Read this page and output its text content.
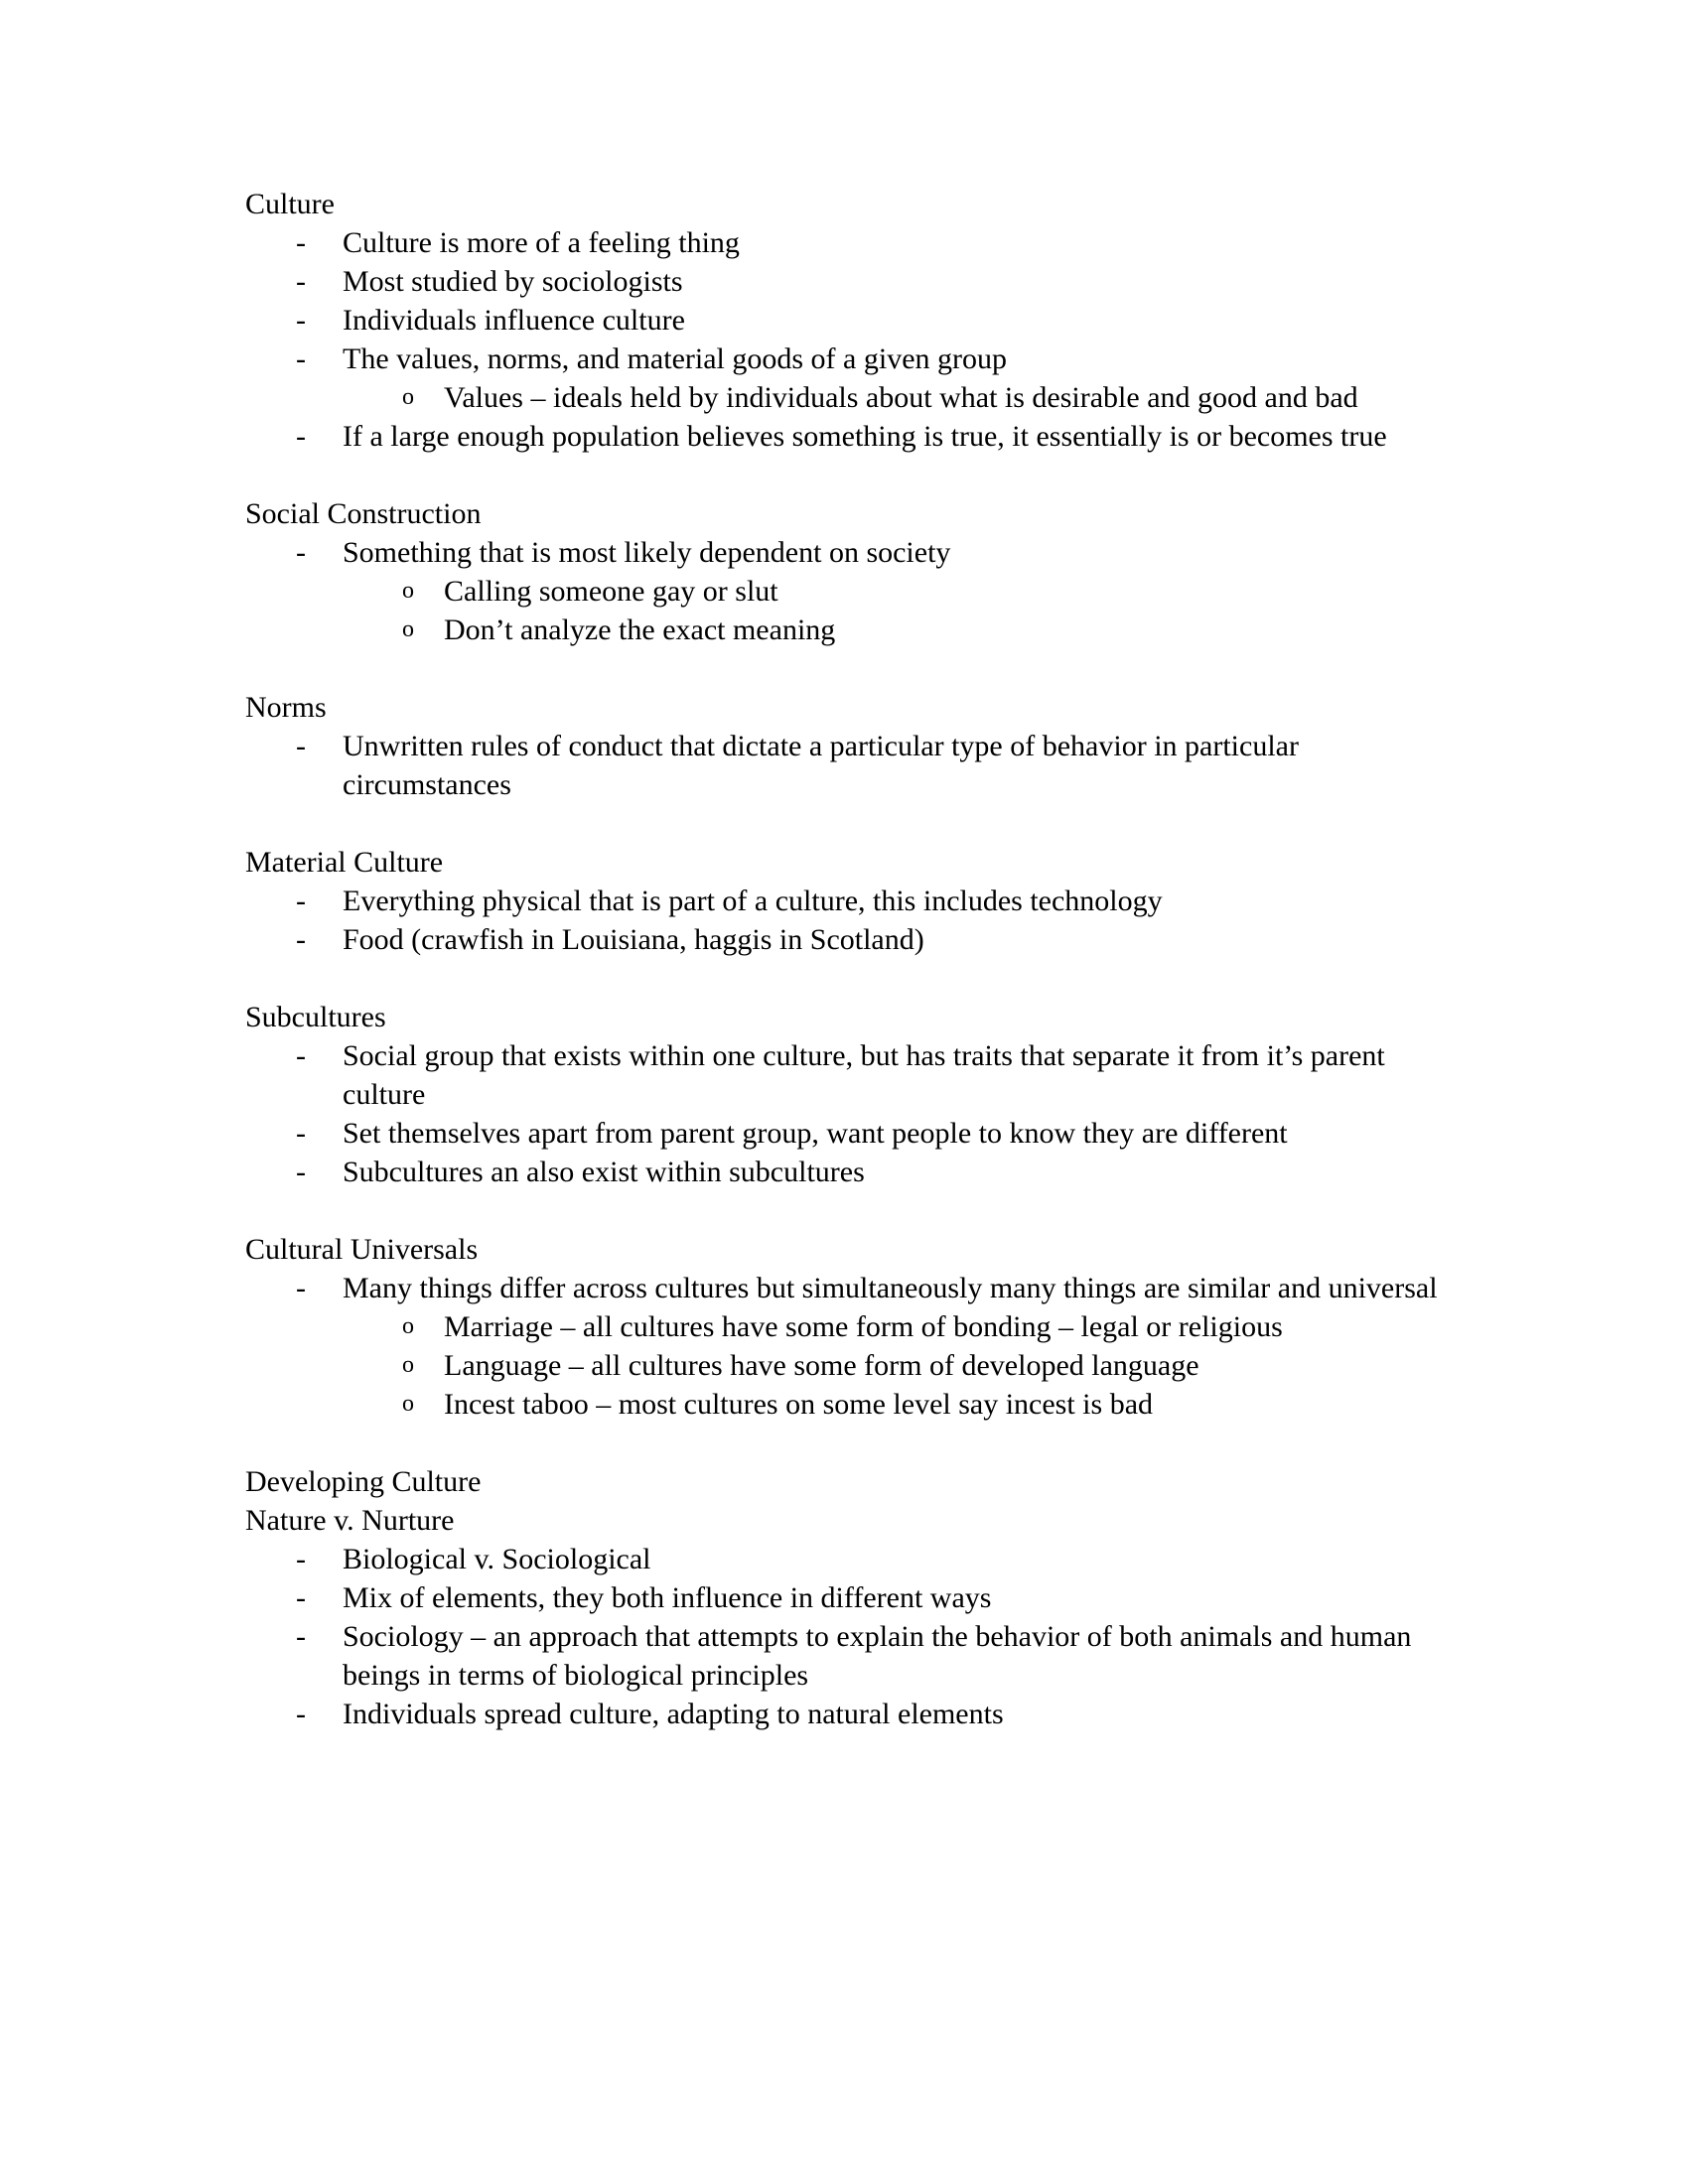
Culture
-	Culture is more of a feeling thing
-	Most studied by sociologists
-	Individuals influence culture
-	The values, norms, and material goods of a given group
o	Values – ideals held by individuals about what is desirable and good and bad
-	If a large enough population believes something is true, it essentially is or becomes true
Social Construction
-	Something that is most likely dependent on society
o	Calling someone gay or slut
o	Don’t analyze the exact meaning
Norms
-	Unwritten rules of conduct that dictate a particular type of behavior in particular circumstances
Material Culture
-	Everything physical that is part of a culture, this includes technology
-	Food (crawfish in Louisiana, haggis in Scotland)
Subcultures
-	Social group that exists within one culture, but has traits that separate it from it’s parent culture
-	Set themselves apart from parent group, want people to know they are different
-	Subcultures an also exist within subcultures
Cultural Universals
-	Many things differ across cultures but simultaneously many things are similar and universal
o	Marriage – all cultures have some form of bonding – legal or religious
o	Language – all cultures have some form of developed language
o	Incest taboo – most cultures on some level say incest is bad
Developing Culture
Nature v. Nurture
-	Biological v. Sociological
-	Mix of elements, they both influence in different ways
-	Sociology – an approach that attempts to explain the behavior of both animals and human beings in terms of biological principles
-	Individuals spread culture, adapting to natural elements
